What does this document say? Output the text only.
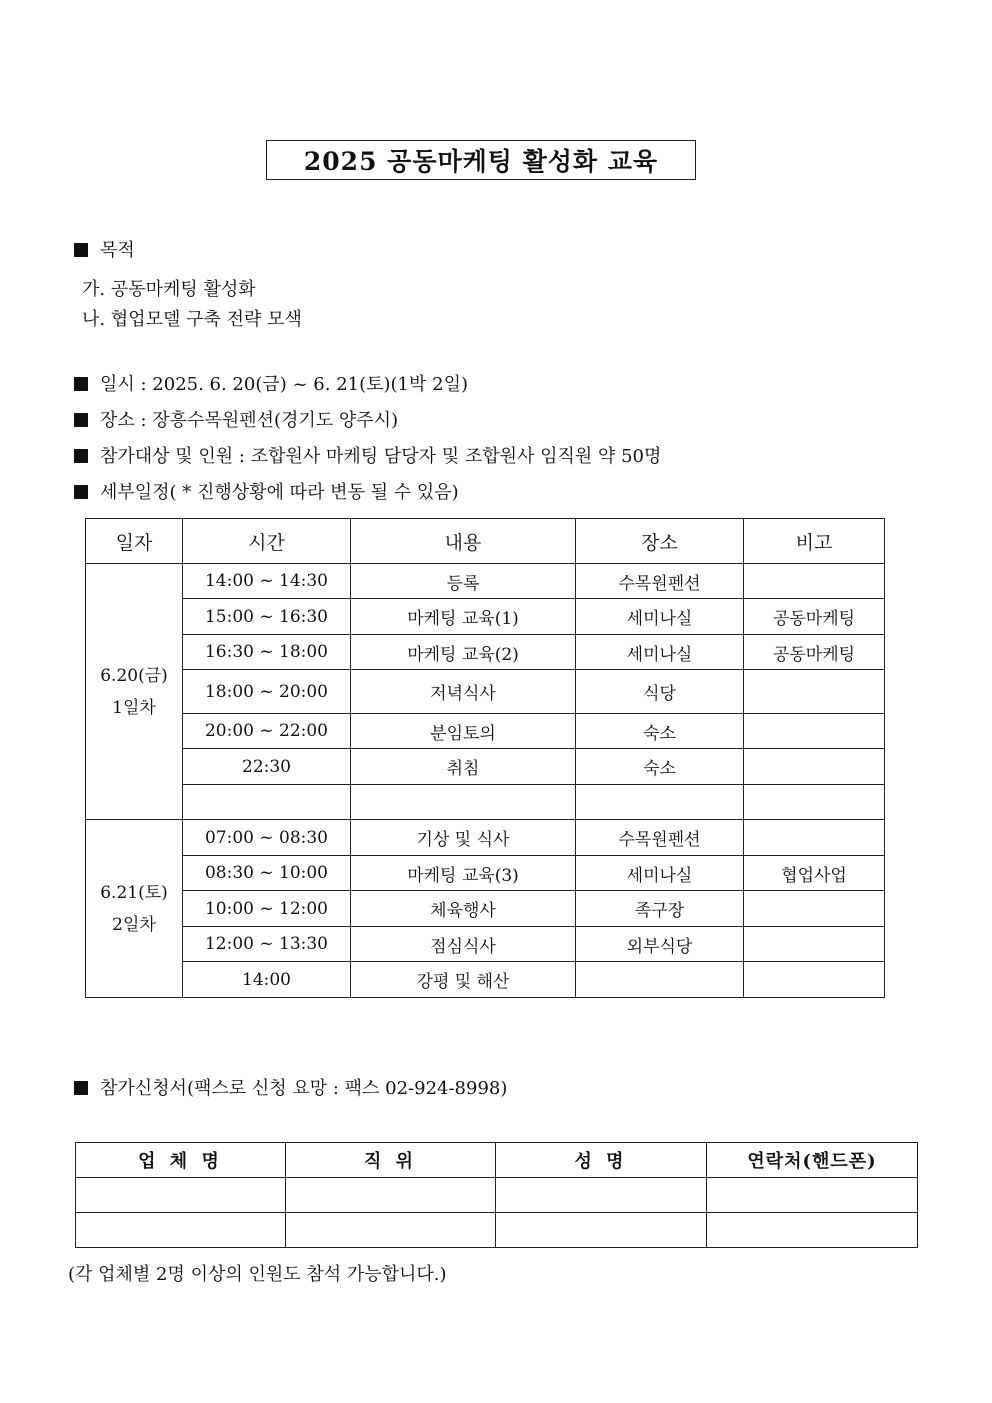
2025 공동마케팅 활성화 교육
목적
가. 공동마케팅 활성화
나. 협업모델 구축 전략 모색
일시 : 2025. 6. 20(금) ~ 6. 21(토)(1박 2일)
장소 : 장흥수목원펜션(경기도 양주시)
참가대상 및 인원 : 조합원사 마케팅 담당자 및 조합원사 임직원 약 50명
세부일정( * 진행상황에 따라 변동 될 수 있음)
일자	시간	내용	장소	비고

6.20(금)
1일차	14:00 ~ 14:30	등록	수목원펜션	
	15:00 ~ 16:30	마케팅 교육(1)	세미나실	공동마케팅
	16:30 ~ 18:00	마케팅 교육(2)	세미나실	공동마케팅
	18:00 ~ 20:00	저녁식사	식당	
	20:00 ~ 22:00	분임토의	숙소	
	22:30	취침	숙소	

6.21(토)
2일차	07:00 ~ 08:30	기상 및 식사	수목원펜션	
	08:30 ~ 10:00	마케팅 교육(3)	세미나실	협업사업
	10:00 ~ 12:00	체육행사	족구장	
	12:00 ~ 13:30	점심식사	외부식당	
	14:00	강평 및 해산		
참가신청서(팩스로 신청 요망 : 팩스 02-924-8998)
업 체 명	직 위	성 명	연락처(핸드폰)

(각 업체별 2명 이상의 인원도 참석 가능합니다.)
